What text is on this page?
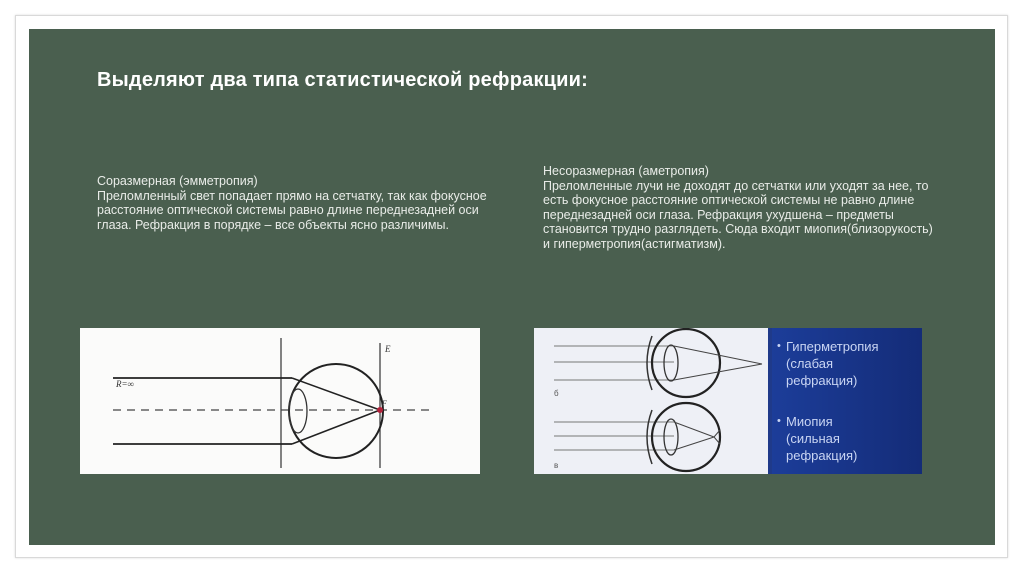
Выделяют два типа статистической рефракции:
Соразмерная (эмметропия)
Преломленный свет попадает прямо на сетчатку, так как фокусное расстояние оптической системы равно длине переднезадней оси глаза. Рефракция в порядке – все объекты ясно различимы.
Несоразмерная (аметропия)
Преломленные лучи не доходят до сетчатки или уходят за нее, то есть фокусное расстояние оптической системы не равно длине переднезадней оси глаза. Рефракция ухудшена – предметы становится трудно разглядеть. Сюда входит миопия(близорукость) и гиперметропия(астигматизм).
R=∞
E
F
б
в
• Гиперметропия
(слабая
рефракция)
• Миопия
(сильная
рефракция)
